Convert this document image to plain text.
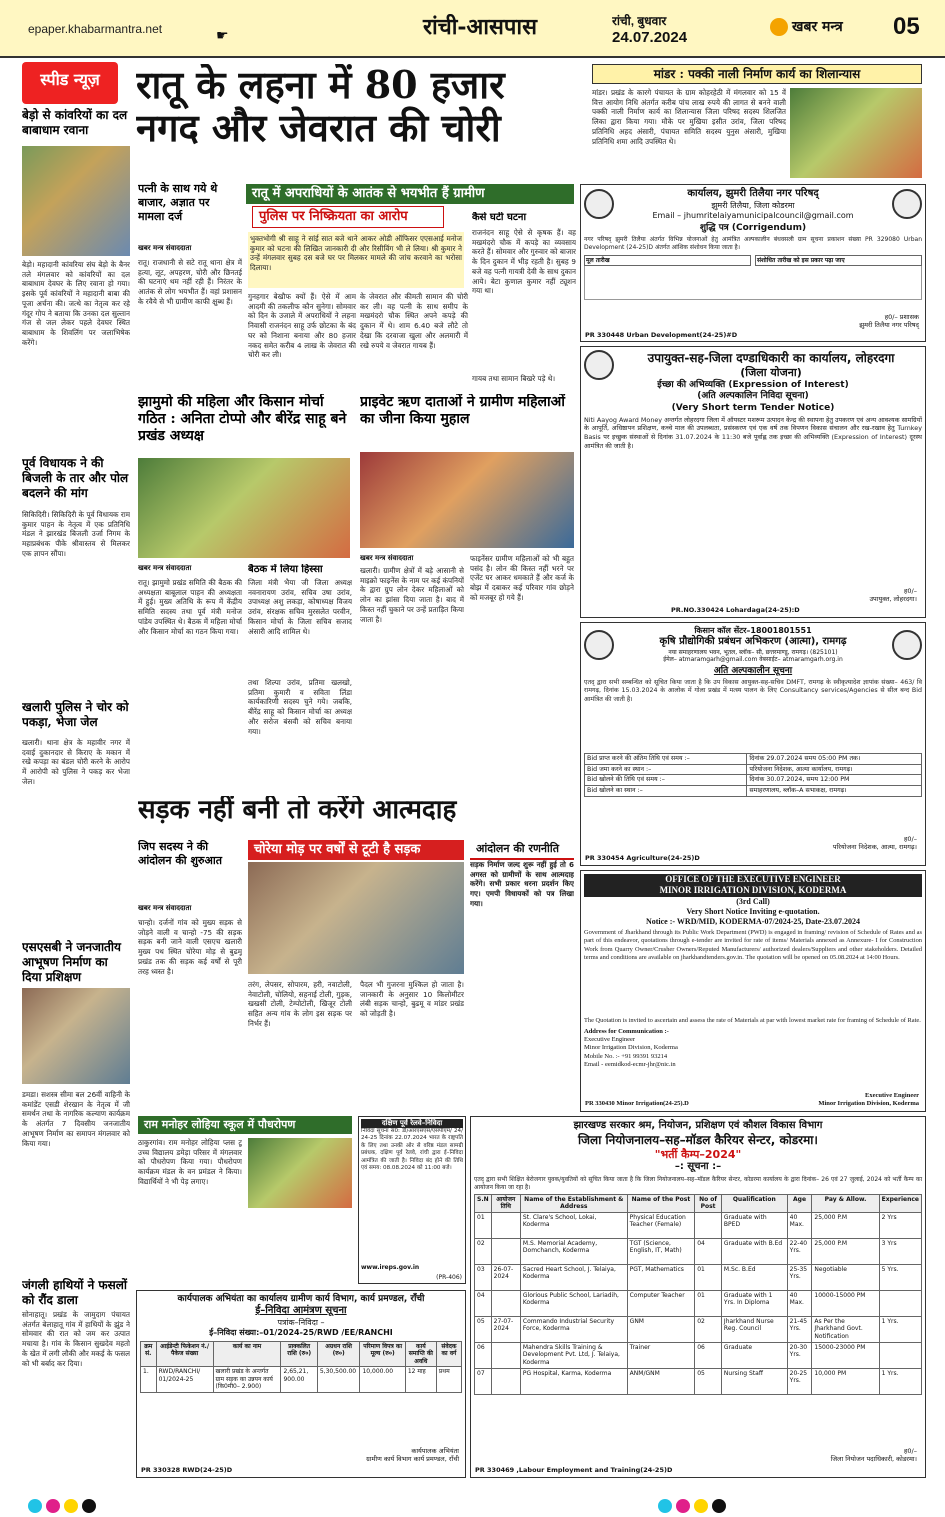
epaper.khabarmantra.net	☛	रांची-आसपास	रांची, बुधवार
24.07.2024
खबर मन्त्र	05
स्पीड न्यूज़
बेड़ो से कांवरियों का दल बाबाधाम रवाना
बेड़ो। महादानी कांवरिया संघ बेड़ो के बैनर तले मंगलवार को कांवरियों का दल बाबाधाम देवघर के लिए रवाना हो गया। इसके पूर्व कांवरियों ने महादानी बाबा की पूजा अर्चना की। जत्थे का नेतृत्व कर रहे गंदूर गोप ने बताया कि उनका दल सुल्तान गंज से जल लेकर पहले देवघर स्थित बाबाधाम के शिवलिंग पर जलाभिषेक करेंगे।
पूर्व विधायक ने की बिजली के तार और पोल बदलने की मांग
सिकिदिरी। सिकिदिरी के पूर्व विधायक राम कुमार पाहन के नेतृत्व में एक प्रतिनिधि मंडल ने झारखंड बिजली उर्जा निगम के महाप्रबंधक पीके श्रीवास्तव से मिलकर एक ज्ञापन सौंपा।
खलारी पुलिस ने चोर को पकड़ा, भेजा जेल
खलारी। थाना क्षेत्र के महावीर नगर में दवाई दुकानदार से किराए के मकान में रखे कपड़ा का बंडल चोरी करने के आरोप में आरोपी को पुलिस ने पकड़ कर भेजा जेल।
एसएसबी ने जनजातीय आभूषण निर्माण का दिया प्रशिक्षण
डमडा। सशस्त्र सीमा बल 26वीं वाहिनी के कमांडेंट एसडी शेरखान के नेतृत्व में जी समर्थन तथा के नागरिक कल्याण कार्यक्रम के अंतर्गत 7 दिवसीय जनजातीय आभूषण निर्माण का समापन मंगलवार को किया गया।
जंगली हाथियों ने फसलों को रौंद डाला
सोनाहातू। प्रखंड के जामुदाग पंचायत अंतर्गत बेलाहातू गांव में हाथियों के झुंड ने सोमवार की रात को जम कर उत्पात मचाया है। गांव के किसान सुखदेव महतो के खेत में लगी लौकी और मकई के फसल को भी बर्बाद कर दिया।
रातू के लहना में 80 हजार
नगद और जेवरात की चोरी
पत्नी के साथ गये थे बाजार, अज्ञात पर मामला दर्ज
रातू में अपराधियों के आतंक से भयभीत हैं ग्रामीण
पुलिस पर निष्क्रियता का आरोप
भुक्तभोगी श्री साहू ने सांई सात बजे थाने आकर ओडी ऑफिसर एएसआई मनोज कुमार को घटना की लिखित जानकारी दी और रिसीविंग भी ले लिया। श्री कुमार ने उन्हें मंगलवार सुबह दस बजे घर पर मिलकर मामले की जांच करवाने का भरोसा दिलाया।
खबर मन्त्र संवाददाता
रातू। राजधानी से सटे रातू थाना क्षेत्र में हत्या, लूट, अपहरण, चोरी और छिनतई की घटनाएं थम नहीं रही हैं। निरंतर के आतंक से लोग भयभीत हैं। वहां प्रशासन के रवैये से भी ग्रामीण काफी क्षुब्ध हैं।
गुनहगार बेखौफ क्यों हैं। ऐसे में आम आदमी की तकलीफ कौन सुनेगा। सोमवार को दिन के उजाले में अपराधियों ने लहना निवासी राजनंदन साहू उर्फ छोटका के बंद घर को निशाना बनाया और 80 हजार नकद समेत करीब 4 लाख के जेवरात की चोरी कर ली।
के जेवरात और कीमती सामान की चोरी कर ली। वह पत्नी के साथ समीप के मखमंदरो चौक स्थित अपने कपड़े की दुकान में थे। शाम 6.40 बजे लौटे तो देखा कि दरवाजा खुला और अलमारी में रखे रुपये व जेवरात गायब हैं।
कैसे घटी घटना
राजनंदन साहू ऐसे से कृषक हैं। वह मखमंदरो चौक में कपड़े का व्यवसाय करते हैं। सोमवार और गुरुवार को बाजार के दिन दुकान में भीड़ रहती है। सुबह 9 बजे वह पत्नी गायत्री देवी के साथ दुकान आये। बेटा कुणाल कुमार नहीं ट्यूशन गया था।
गायब तथा सामान बिखरे पड़े थे।
मांडर : पक्की नाली निर्माण कार्य का शिलान्यास
मांडर। प्रखंड के कारगे पंचायत के ग्राम कोहरहेठी में मंगलवार को 15 वें वित्त आयोग निधि अंतर्गत करीब पांच लाख रुपये की लागत से बनने वाली पक्की नाली निर्माण कार्य का शिलान्यास जिला परिषद सदस्य शिलजित लिका द्वारा किया गया। मौके पर मुखिया इसीत उरांव, जिला परिषद प्रतिनिधि अहद अंसारी, पंचायत समिति सदस्य युनुस अंसारी, मुखिया प्रतिनिधि शमा आदि उपस्थित थे।
कार्यालय, झुमरी तिलैया नगर परिषद्
झुमरी तिलैया, जिला कोडरमा
Email – jhumritelaiyamunicipalcouncil@gmail.com
शुद्धि पत्र (Corrigendum)
नगर परिषद् झुमरी तिलैया अंतर्गत विभिन्न योजनाओं हेतु आमंत्रित अल्पकालीन बंधवसली ग्राम सूचना प्रकाशन संख्या PR 329080 Urban Development (24-25)D अंतर्गत आंशिक संशोधन किया जाता है।
मूल तारीख	संशोधित तारीख को इस प्रकार पढ़ा जाए
ह0/– प्रशासक
झुमरी तिलैया नगर परिषद्
PR 330448 Urban Development(24-25)#D
उपायुक्त-सह-जिला दण्डाधिकारी का कार्यालय, लोहरदगा
(जिला योजना)
ईच्छा की अभिव्यक्ति (Expression of Interest)
(अति अल्पकालिन निविदा सूचना)
(Very Short term Tender Notice)
Niti Aayog Award Money अन्तर्गत लोहरदगा जिला में ऑयस्टर मशरूम उत्पादन केन्द्र की स्थापना हेतु उपकरण एवं अन्य आवश्यक सामग्रियों के आपूर्ति, अधिष्ठापन प्रशिक्षण, कच्चे माल की उपलब्धता, प्रसंस्करण एवं एक वर्ष तक विपणन विकास संचालन और रख-रखाव हेतु Turnkey Basis पर इच्छुक संस्थाओं से दिनांक 31.07.2024 के 11:30 बजे पूर्वाह्न तक इच्छा की अभिव्यक्ति (Expression of Interest) दूरस्थ आमंत्रित की जाती है।
ह0/–
उपायुक्त, लोहरदगा।
PR.NO.330424 Lohardaga(24-25):D
झामुमो की महिला और किसान मोर्चा गठित : अनिता टोप्पो और बीरेंद्र साहू बने प्रखंड अध्यक्ष
खबर मन्त्र संवाददाता
रातू। झामुमो प्रखंड समिति की बैठक की अध्यक्षता बाबूलाल पाहन की अध्यक्षता में हुई। मुख्य अतिथि के रूप में केंद्रीय समिति सदस्य तथा पूर्व मंत्री मनोज पांडेय उपस्थित थे। बैठक में महिला मोर्चा और किसान मोर्चा का गठन किया गया।
बैठक में लिया हिस्सा
जिला मंत्री भैया जी जिला अध्यक्ष नवनारायण उरांव, सचिव उषा उरांव, उपाध्यक्ष अशु लकड़ा, कोषाध्यक्ष विजय उरांव, संरक्षक सचिव मुरसलेत परवीन, किसान मोर्चा के जिला सचिव सजाद अंसारी आदि शामिल थे।
तथा शिल्पा उरांव, प्रतिमा खलखो, प्रतिमा कुमारी व सविता लिंडा कार्यकारिणी सदस्य चुने गये। जबकि, बीरेंद्र साहू को किसान मोर्चा का अध्यक्ष और सरोज बंसवी को सचिव बनाया गया।
प्राइवेट ऋण दाताओं ने ग्रामीण महिलाओं का जीना किया मुहाल
खबर मन्त्र संवाददाता
खलारी। ग्रामीण क्षेत्रों में बड़े आसानी से माइक्रो फाइनेंस के नाम पर कई कंपनियों के द्वारा ग्रुप लोन देकर महिलाओं को लोन का झांसा दिया जाता है। बाद में किस्त नहीं चुकाने पर उन्हें प्रताड़ित किया जाता है।
फाइनेंसर ग्रामीण महिलाओं को भी बहुत पसंद है। लोन की किस्त नहीं भरने पर एजेंट घर आकर धमकाते हैं और कर्ज के बोझ में दबाकर कई परिवार गांव छोड़ने को मजबूर हो गये हैं।
किसान कॉल सेंटर–18001801551
कृषि प्रौद्योगिकी प्रबंधन अभिकरण (आत्मा), रामगढ़
नया समाहरणालय भवन, भूतल, ब्लॉक– सी, छत्तरमाण्डू, रामगढ़। (825101)
ईमेल– atmaramgarh@gmail.com वेबसाईट– atmaramgarh.org.in
अति अल्पकालीन सूचना
एतद् द्वारा सभी सम्बन्धित को सूचित किया जाता है कि उप विकास आयुक्त-सह-सचिव DMFT, रामगढ़ के स्वीकृत्यादेश ज्ञापांक संख्या– 463/ वि रामगढ़, दिनांक 15.03.2024 के आलोक में गोला प्रखंड में मत्स्य पालन के लिए Consultancy services/Agencies से सील बन्द Bid आमंत्रित की जाती है।
Bid प्राप्त करने की अंतिम तिथि एवं समय :–	दिनांक 29.07.2024 समय 05:00 PM तक।
Bid जमा करने का स्थान :–	परियोजना निदेशक, आत्मा कार्यालय, रामगढ़।
Bid खोलने की तिथि एवं समय :–	दिनांक 30.07.2024, समय 12:00 PM
Bid खोलने का स्थान :–	समाहरणालय, ब्लॉक–A सभाकक्ष, रामगढ़।
ह0/–
परियोजना निदेशक, आत्मा, रामगढ़।
PR 330454 Agriculture(24-25)D
सड़क नहीं बनी तो करेंगे आत्मदाह
जिप सदस्य ने की आंदोलन की शुरुआत
चोरेया मोड़ पर वर्षों से टूटी है सड़क	आंदोलन की रणनीति
सड़क निर्माण जल्द शुरू नहीं हुई तो 6 अगस्त को ग्रामीणों के साथ आत्मदाह करेंगे। सभी प्रकार धरना प्रदर्शन किए गए। एमपी विधायकों को पत्र लिखा गया।
खबर मन्त्र संवाददाता
चान्हो। दर्जनों गांव को मुख्य सड़क से जोड़ने वाली व चान्हो -75 की सड़क सड़क बनी जाने वाली एसएच खलारी मुख्य पथ स्थित चोरेया मोड़ से बुढमू प्रखंड तक की सड़क कई वर्षों से पूरी तरह ध्वस्त है।
तरंग, लेपसर, सोपारम, हरी, नवाटोली, नेवाटोली, चोलियो, सहनाई टोली, गुड़क, खखसी टोली, टेम्पोटोली, खिजूर टोली सहित अन्य गांव के लोग इस सड़क पर निर्भर हैं।
पैदल भी गुजरना मुश्किल हो जाता है। जानकारी के अनुसार 10 किलोमीटर लंबी सड़क चान्हो, बुढमू व मांडर प्रखंड को जोड़ती है।
OFFICE OF THE EXECUTIVE ENGINEER
MINOR IRRIGATION DIVISION, KODERMA
(3rd Call)
Very Short Notice Inviting e-quotation.
Notice :- WRD/MID, KODERMA-07/2024-25, Date-23.07.2024
Government of Jharkhand through its Public Work Department (PWD) is engaged in framing/ revision of Schedule of Rates and as part of this endeavor, quotations through e-tender are invited for rate of items/ Materials annexed as Annexure- I for Construction Work from Quarry Owner/Crusher Owners/Reputed Manufacturers/ authorized dealers/Suppliers and other stakeholders. Detailed terms and conditions are available on jharkhandtenders.gov.in. The quotation will be opened on 05.08.2024 at 14:00 Hours.
The Quotation is invited to ascertain and assess the rate of Materials at par with lowest market rate for framing of Schedule of Rate.
Address for Communication :-
Executive Engineer
Minor Irrigation Division, Koderma
Mobile No. :- +91 99391 93214
Email - eemidkod-ecmr-jhr@nic.in
Executive Engineer
Minor Irrigation Division, Koderma
PR 330430 Minor Irrigation(24-25).D
राम मनोहर लोहिया स्कूल में पौधरोपण
ठाकुरगांव। राम मनोहर लोहिया प्लस टू उच्च विद्यालय डमेड़ा परिसर में मंगलवार को पौधरोपण किया गया। पौधरोपण कार्यक्रम मंडल के वन प्रमंडल ने किया। विद्यार्थियों ने भी पेड़ लगाए।
दक्षिण पूर्व रेलवे–निविदा
निविदा सूचना सं0: डी/आरएसएस/एसपीएम/ 24/ 24-25 दिनांक 22.07.2024 भारत के राष्ट्रपति के लिए तथा उनकी ओर से वरिष्ठ मंडल सामग्री प्रबंधक, दक्षिण पूर्व रेलवे, रांची द्वारा ई–निविदा आमंत्रित की जाती है। निविदा बंद होने की तिथि एवं समय: 08.08.2024 को 11:00 बजे।
www.ireps.gov.in
(PR-406)
झारखण्ड सरकार श्रम, नियोजन, प्रशिक्षण एवं कौशल विकास विभाग
जिला नियोजनालय–सह–मॉडल कैरियर सेन्टर, कोडरमा।
"भर्ती कैम्प–2024"
–: सूचना :–
एतद् द्वारा सभी शिक्षित बेरोजगार युवक/युवतियों को सूचित किया जाता है कि जिला नियोजनालय–सह–मॉडल कैरियर सेन्टर, कोडरमा कार्यालय के द्वारा दिनांक– 26 एवं 27 जुलाई, 2024 को भर्ती कैम्प का आयोजन किया जा रहा है।
S.N	आयोजन तिथि	Name of the Establishment & Address	Name of the Post	No of Post	Qualification	Age	Pay & Allow.	Experience
01		St. Clare's School, Lokai, Koderma	Physical Education Teacher (Female)		Graduate with BPED	40 Max.	25,000 P.M	2 Yrs
02		M.S. Memorial Academy, Domchanch, Koderma	TGT (Science, English, IT, Math)	04	Graduate with B.Ed	22-40 Yrs.	25,000 P.M	3 Yrs
03	26-07-2024	Sacred Heart School, J. Telaiya, Koderma	PGT, Mathematics	01	M.Sc. B.Ed	25-35 Yrs.	Negotiable	5 Yrs.
04		Glorious Public School, Lariadih, Koderma	Computer Teacher	01	Graduate with 1 Yrs. In Diploma	40 Max.	10000-15000 PM	
05	27-07-2024	Commando Industrial Security Force, Koderma	GNM	02	Jharkhand Nurse Reg. Council	21-45 Yrs.	As Per the Jharkhand Govt. Notification	1 Yrs.
06		Mahendra Skills Training & Development Pvt. Ltd, J. Telaiya, Koderma	Trainer	06	Graduate	20-30 Yrs.	15000-23000 PM	
07		PG Hospital, Karma, Koderma	ANM/GNM	05	Nursing Staff	20-25 Yrs.	10,000 PM	1 Yrs.
ह0/–
जिला नियोजन पदाधिकारी, कोडरमा।
PR 330469 ,Labour Employment and Training(24-25)D
कार्यपालक अभियंता का कार्यालय ग्रामीण कार्य विभाग, कार्य प्रमण्डल, राँची
ई–निविदा आमंत्रण सूचना
पत्रांक–निविदा –
ई–निविदा संख्या:–01/2024-25/RWD /EE/RANCHI
क्रम सं.	आईडेन्टी फिकेशन नं./पैकेज संख्या	कार्य का नाम	प्राक्कलित राशि (रु०)	अग्रधन राशि (रु०)	परिमाण विपत्र का मूल्य (रु०)	कार्य समाप्ति की अवधि	संवेदक का वर्ग
1.	RWD/RANCHI/ 01/2024-25	खलारी प्रखंड के अन्तर्गत ग्राम सड़क का उन्नयन कार्य (कि0मी0– 2.900)	2,65,21, 900.00	5,30,500.00	10,000.00	12 माह	प्रथम
कार्यपालक अभियंता
ग्रामीण कार्य विभाग कार्य प्रमण्डल, राँची
PR 330328 RWD(24-25)D
